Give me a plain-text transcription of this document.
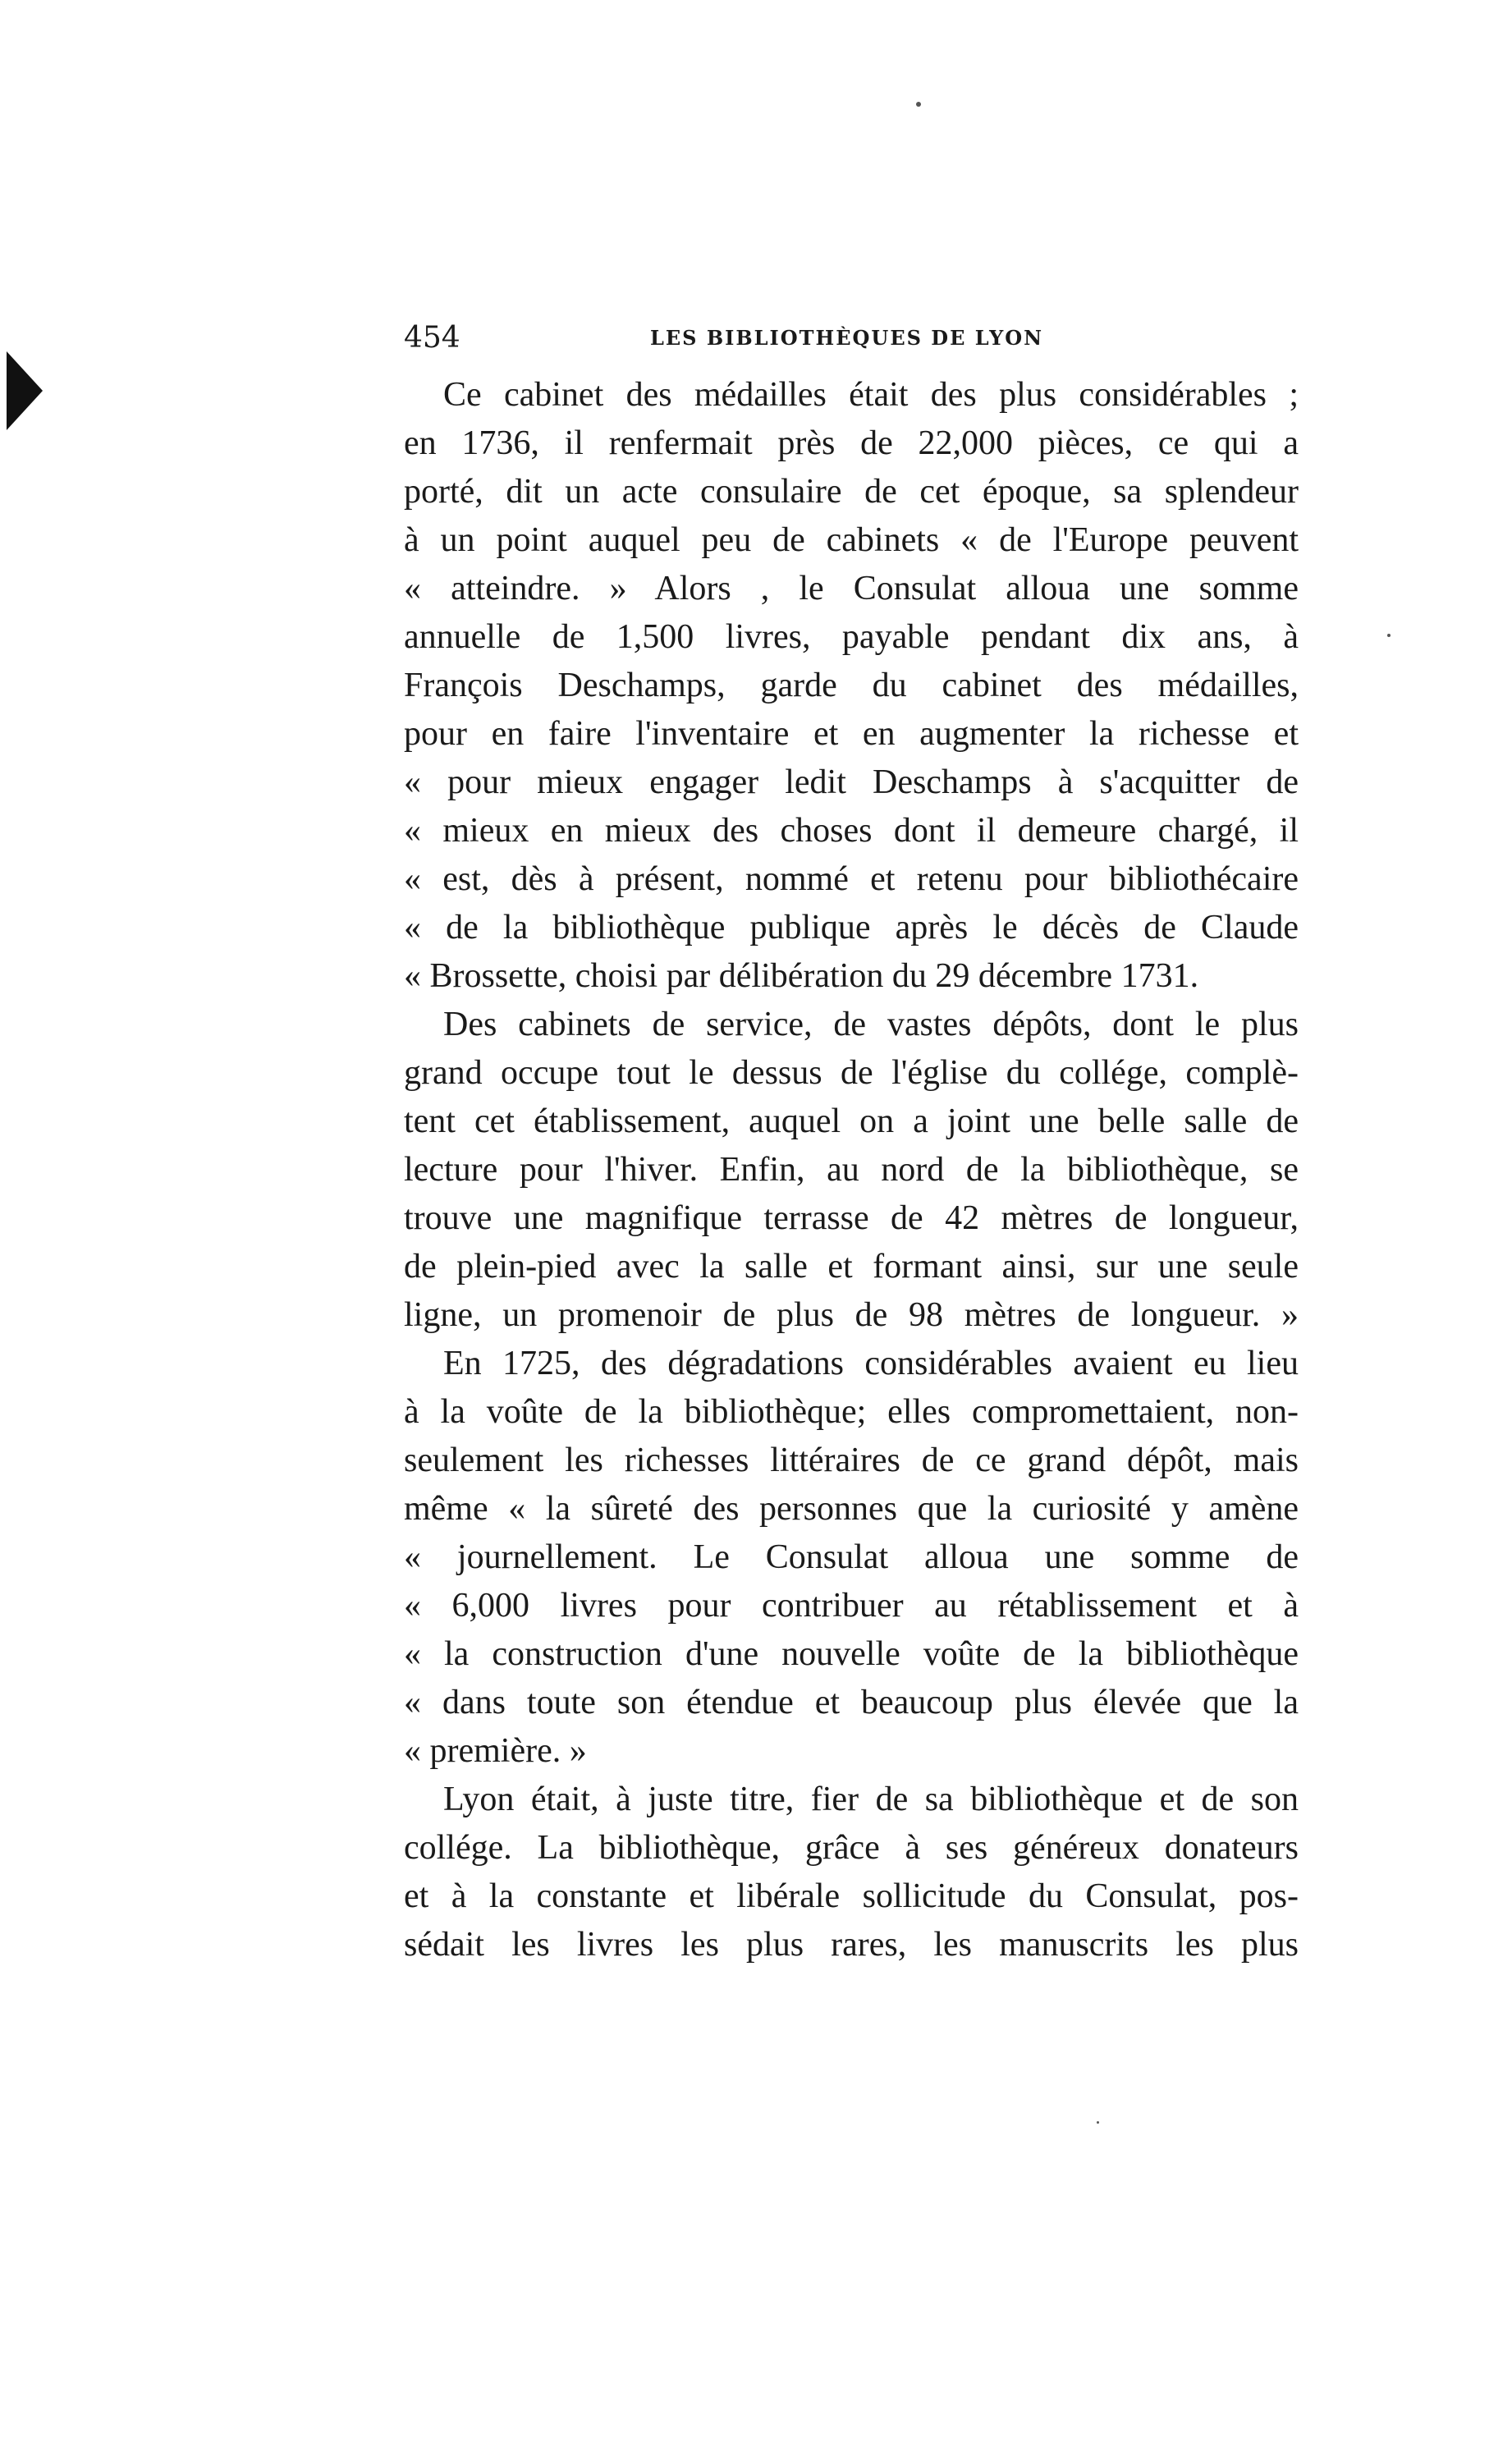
454	LES BIBLIOTHÈQUES DE LYON
Ce cabinet des médailles était des plus considérables ;
en 1736, il renfermait près de 22,000 pièces, ce qui a
porté, dit un acte consulaire de cet époque, sa splendeur
à un point auquel peu de cabinets « de l'Europe peuvent
« atteindre. » Alors , le Consulat alloua une somme
annuelle de 1,500 livres, payable pendant dix ans, à
François Deschamps, garde du cabinet des médailles,
pour en faire l'inventaire et en augmenter la richesse et
« pour mieux engager ledit Deschamps à s'acquitter de
« mieux en mieux des choses dont il demeure chargé, il
« est, dès à présent, nommé et retenu pour bibliothécaire
« de la bibliothèque publique après le décès de Claude
« Brossette, choisi par délibération du 29 décembre 1731.
Des cabinets de service, de vastes dépôts, dont le plus
grand occupe tout le dessus de l'église du collége, complè-
tent cet établissement, auquel on a joint une belle salle de
lecture pour l'hiver. Enfin, au nord de la bibliothèque, se
trouve une magnifique terrasse de 42 mètres de longueur,
de plein-pied avec la salle et formant ainsi, sur une seule
ligne, un promenoir de plus de 98 mètres de longueur. »
En 1725, des dégradations considérables avaient eu lieu
à la voûte de la bibliothèque; elles compromettaient, non-
seulement les richesses littéraires de ce grand dépôt, mais
même « la sûreté des personnes que la curiosité y amène
« journellement. Le Consulat alloua une somme de
« 6,000 livres pour contribuer au rétablissement et à
« la construction d'une nouvelle voûte de la bibliothèque
« dans toute son étendue et beaucoup plus élevée que la
« première. »
Lyon était, à juste titre, fier de sa bibliothèque et de son
collége. La bibliothèque, grâce à ses généreux donateurs
et à la constante et libérale sollicitude du Consulat, pos-
sédait les livres les plus rares, les manuscrits les plus
